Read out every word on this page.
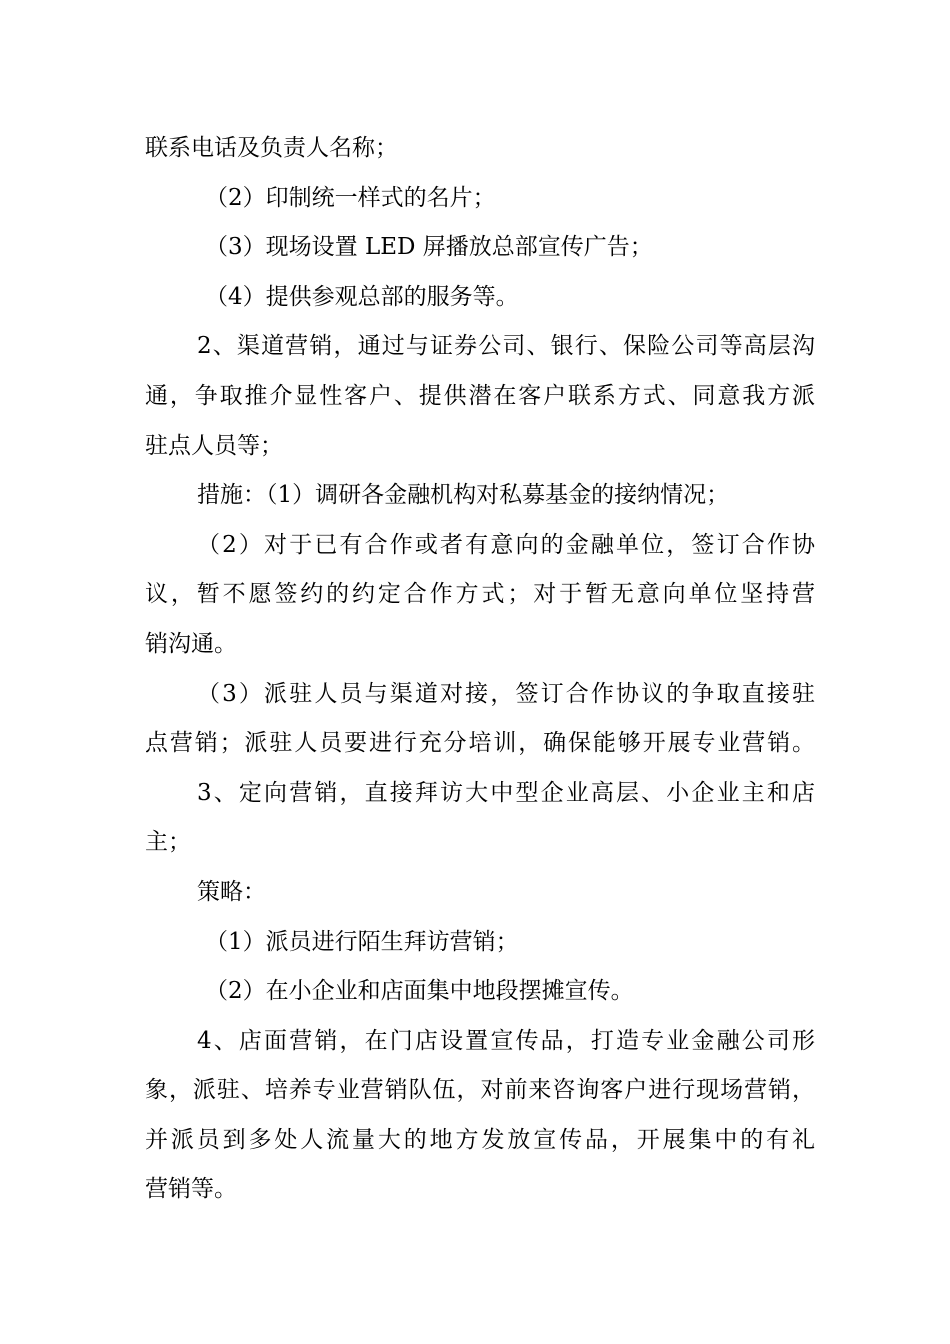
联系电话及负责人名称；
（2）印制统一样式的名片；
（3）现场设置 LED 屏播放总部宣传广告；
（4）提供参观总部的服务等。
2、渠道营销，通过与证券公司、银行、保险公司等高层沟
通，争取推介显性客户、提供潜在客户联系方式、同意我方派
驻点人员等；
措施：（1）调研各金融机构对私募基金的接纳情况；
（2）对于已有合作或者有意向的金融单位，签订合作协
议，暂不愿签约的约定合作方式；对于暂无意向单位坚持营
销沟通。
（3）派驻人员与渠道对接，签订合作协议的争取直接驻
点营销；派驻人员要进行充分培训，确保能够开展专业营销。
3、定向营销，直接拜访大中型企业高层、小企业主和店
主；
策略：
（1）派员进行陌生拜访营销；
（2）在小企业和店面集中地段摆摊宣传。
4、店面营销，在门店设置宣传品，打造专业金融公司形
象，派驻、培养专业营销队伍，对前来咨询客户进行现场营销，
并派员到多处人流量大的地方发放宣传品，开展集中的有礼
营销等。
